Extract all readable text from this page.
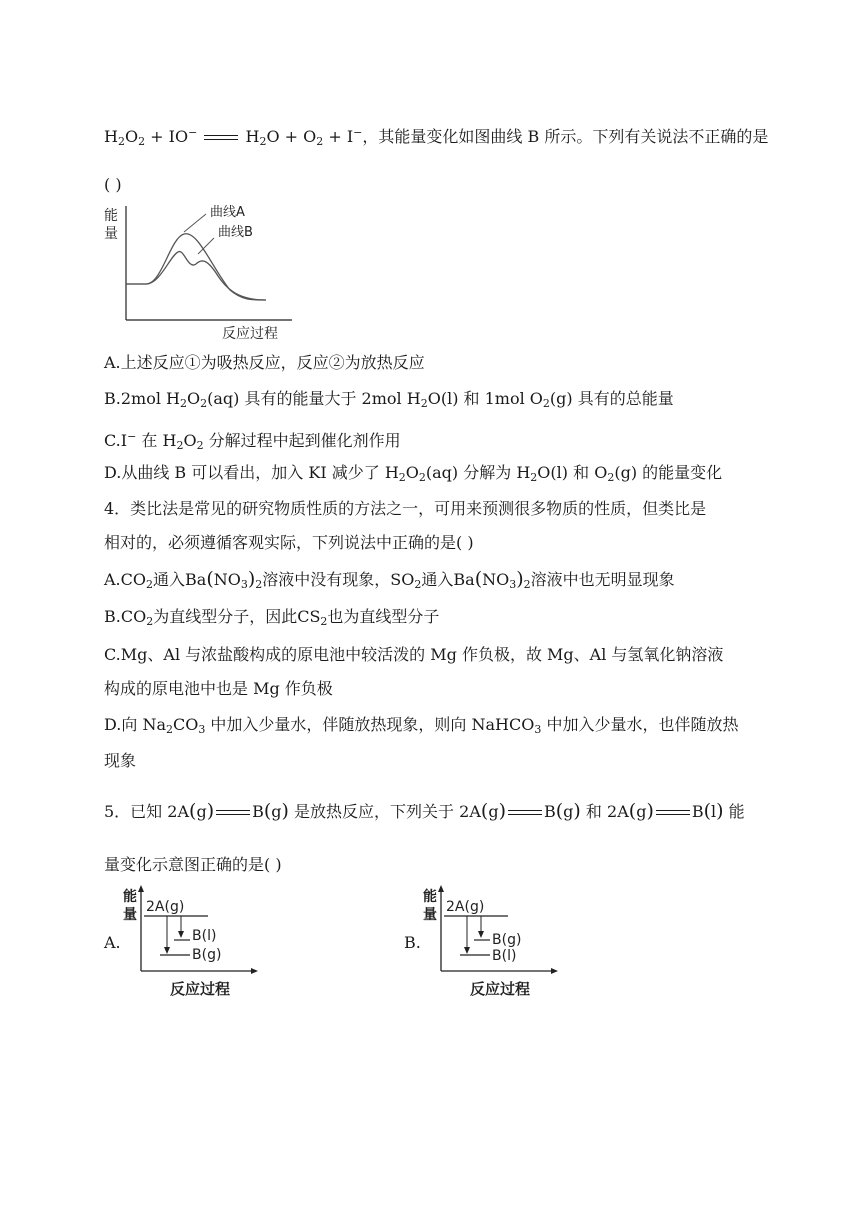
$H_2O_2 + IO^-$	$H_2O + O_2 + I^-$，其能量变化如图曲线 B 所示。下列有关说法不正确的是
( )
能
量
曲线A
曲线B
反应过程
A.上述反应①为吸热反应，反应②为放热反应
B.2mol $H_2O_2(aq)$ 具有的能量大于 2mol $H_2O(l)$ 和 1mol $O_2(g)$ 具有的总能量
C.I− 在 $H_2O_2$ 分解过程中起到催化剂作用
D.从曲线 B 可以看出，加入 KI 减少了 $H_2O_2(aq)$ 分解为 $H_2O(l)$ 和 $O_2(g)$ 的能量变化
4．类比法是常见的研究物质性质的方法之一，可用来预测很多物质的性质，但类比是
相对的，必须遵循客观实际，下列说法中正确的是( )
$A.CO_2$通入$Ba(NO_3)_2$溶液中没有现象，$SO_2$通入$Ba(NO_3)_2$溶液中也无明显现象
$B.CO_2$为直线型分子，因此$CS_2$也为直线型分子
C.Mg、Al 与浓盐酸构成的原电池中较活泼的 Mg 作负极，故 Mg、Al 与氢氧化钠溶液
构成的原电池中也是 Mg 作负极
D.向 $Na_2CO_3$ 中加入少量水，伴随放热现象，则向 NaHCO$_3$ 中加入少量水，也伴随放热
现象
5．已知 2A(g) B(g) 是放热反应，下列关于 2A(g) B(g) 和 2A(g) B(l) 能
量变化示意图正确的是( )
A.
能
量 2A(g)
B(l)
B(g)
反应过程
B.
能
量 2A(g)
B(g)
B(l)
反应过程
